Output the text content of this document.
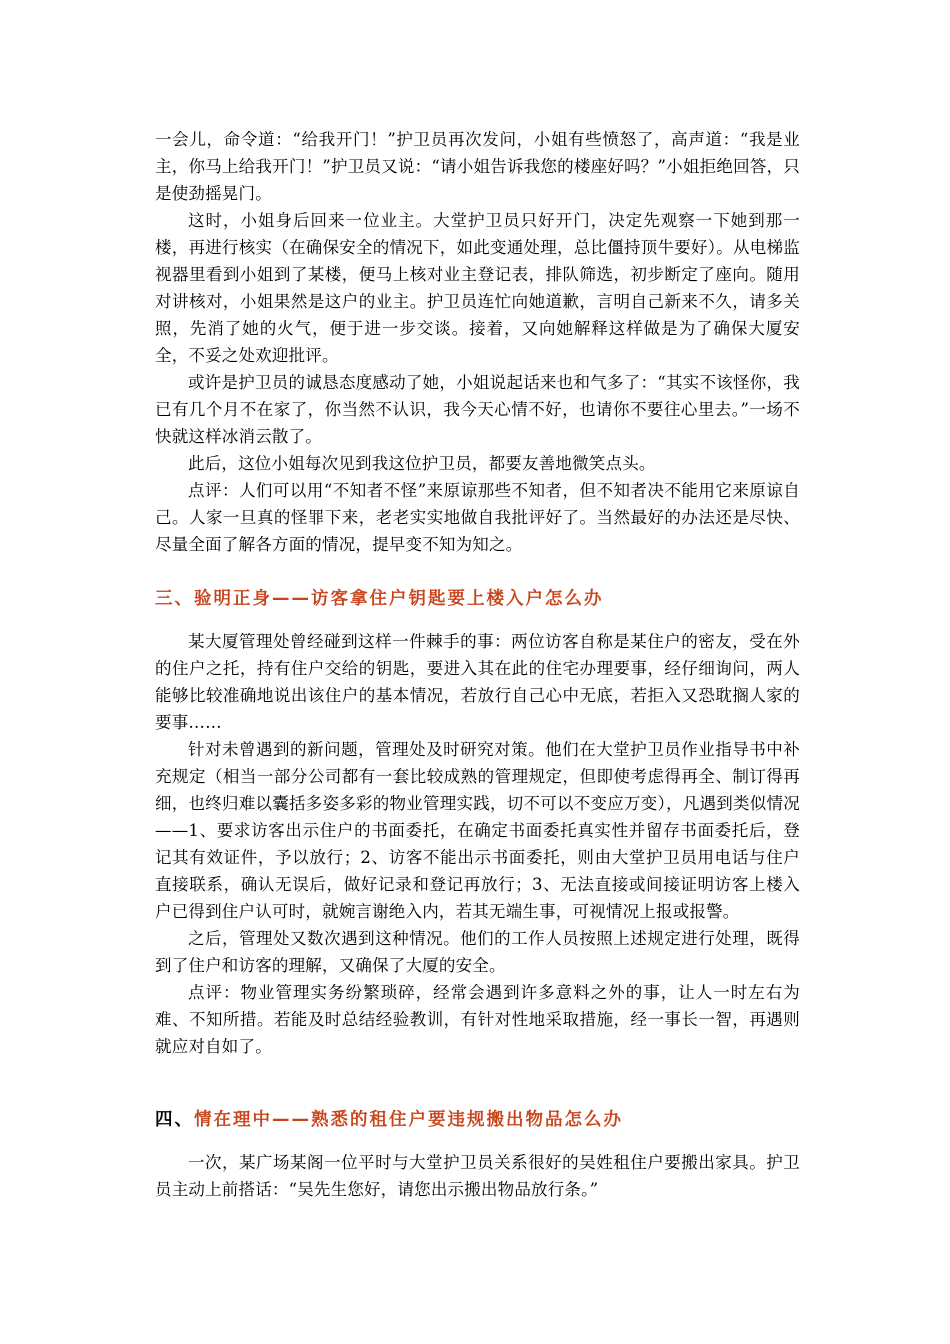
一会儿，命令道：“给我开门！”护卫员再次发问，小姐有些愤怒了，高声道：“我是业主，你马上给我开门！”护卫员又说：“请小姐告诉我您的楼座好吗？”小姐拒绝回答，只是使劲摇晃门。

这时，小姐身后回来一位业主。大堂护卫员只好开门，决定先观察一下她到那一楼，再进行核实（在确保安全的情况下，如此变通处理，总比僵持顶牛要好）。从电梯监视器里看到小姐到了某楼，便马上核对业主登记表，排队筛选，初步断定了座向。随用对讲核对，小姐果然是这户的业主。护卫员连忙向她道歉，言明自己新来不久，请多关照，先消了她的火气，便于进一步交谈。接着，又向她解释这样做是为了确保大厦安全，不妥之处欢迎批评。

或许是护卫员的诚恳态度感动了她，小姐说起话来也和气多了：“其实不该怪你，我已有几个月不在家了，你当然不认识，我今天心情不好，也请你不要往心里去。”一场不快就这样冰消云散了。

此后，这位小姐每次见到我这位护卫员，都要友善地微笑点头。

点评：人们可以用“不知者不怪”来原谅那些不知者，但不知者决不能用它来原谅自己。人家一旦真的怪罪下来，老老实实地做自我批评好了。当然最好的办法还是尽快、尽量全面了解各方面的情况，提早变不知为知之。

三、验明正身——访客拿住户钥匙要上楼入户怎么办

某大厦管理处曾经碰到这样一件棘手的事：两位访客自称是某住户的密友，受在外的住户之托，持有住户交给的钥匙，要进入其在此的住宅办理要事，经仔细询问，两人能够比较准确地说出该住户的基本情况，若放行自己心中无底，若拒入又恐耽搁人家的要事……

针对未曾遇到的新问题，管理处及时研究对策。他们在大堂护卫员作业指导书中补充规定（相当一部分公司都有一套比较成熟的管理规定，但即使考虑得再全、制订得再细，也终归难以囊括多姿多彩的物业管理实践，切不可以不变应万变），凡遇到类似情况——1、要求访客出示住户的书面委托，在确定书面委托真实性并留存书面委托后，登记其有效证件，予以放行；2、访客不能出示书面委托，则由大堂护卫员用电话与住户直接联系，确认无误后，做好记录和登记再放行；3、无法直接或间接证明访客上楼入户已得到住户认可时，就婉言谢绝入内，若其无端生事，可视情况上报或报警。

之后，管理处又数次遇到这种情况。他们的工作人员按照上述规定进行处理，既得到了住户和访客的理解，又确保了大厦的安全。

点评：物业管理实务纷繁琐碎，经常会遇到许多意料之外的事，让人一时左右为难、不知所措。若能及时总结经验教训，有针对性地采取措施，经一事长一智，再遇则就应对自如了。

四、情在理中——熟悉的租住户要违规搬出物品怎么办

一次，某广场某阁一位平时与大堂护卫员关系很好的吴姓租住户要搬出家具。护卫员主动上前搭话：“吴先生您好，请您出示搬出物品放行条。”
